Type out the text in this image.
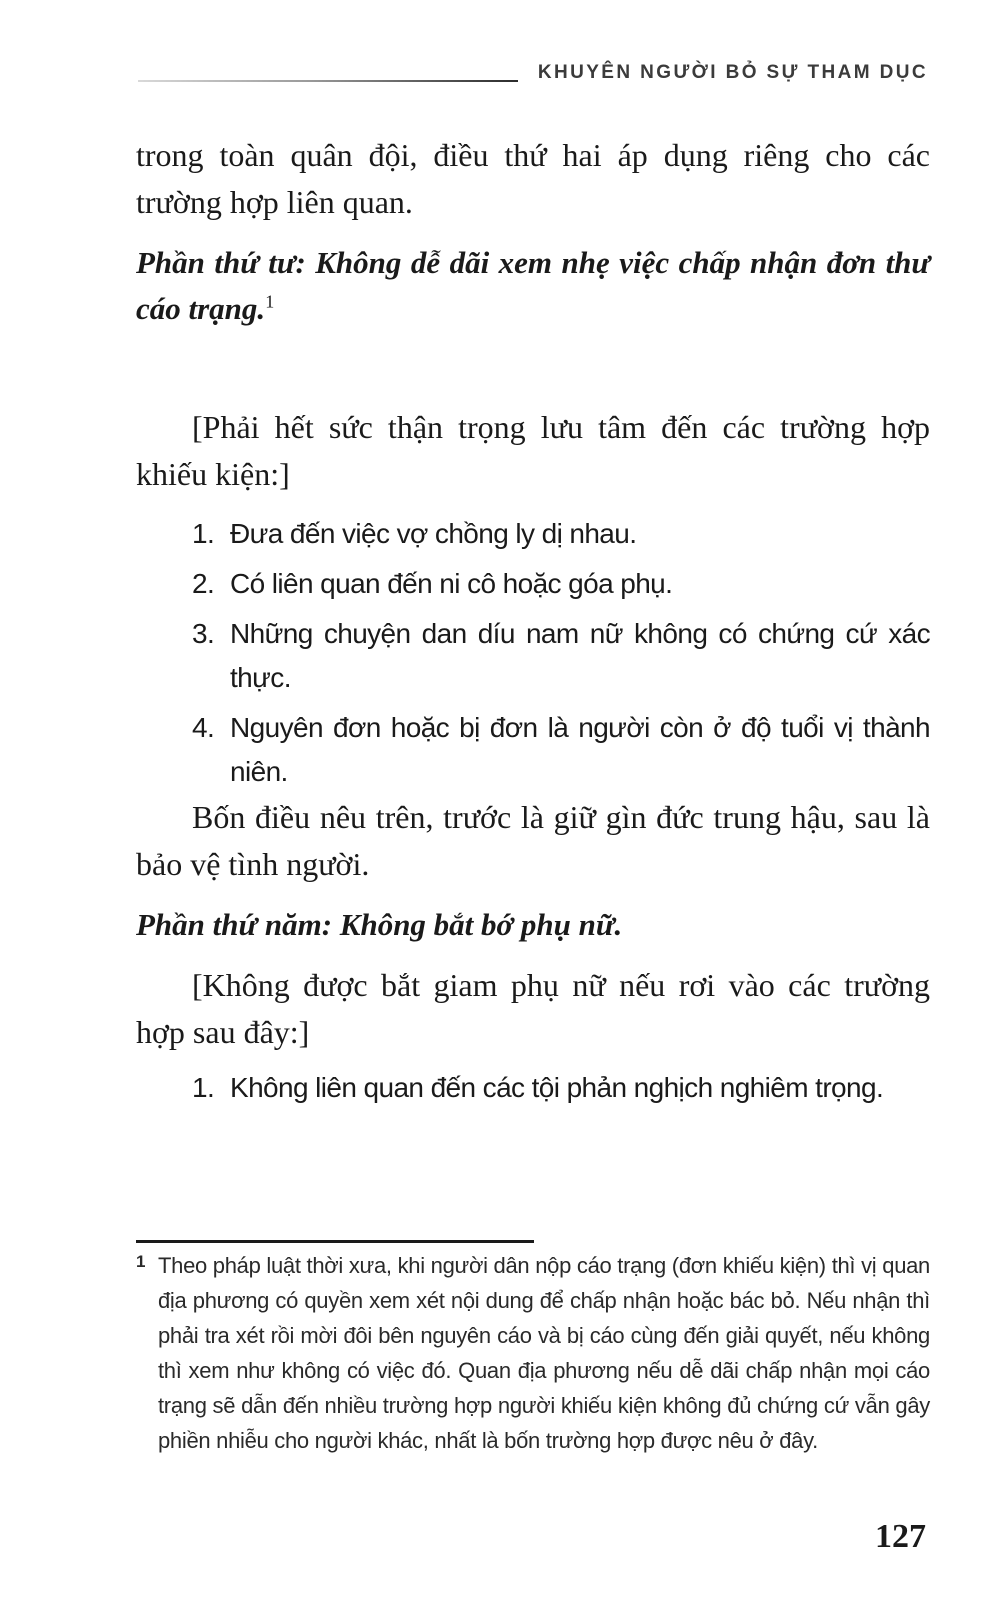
KHUYÊN NGƯỜI BỎ SỰ THAM DỤC

trong toàn quân đội, điều thứ hai áp dụng riêng cho các trường hợp liên quan.

Phần thứ tư: Không dễ dãi xem nhẹ việc chấp nhận đơn thư cáo trạng.$^1$

[Phải hết sức thận trọng lưu tâm đến các trường hợp khiếu kiện:]

1. Đưa đến việc vợ chồng ly dị nhau.
2. Có liên quan đến ni cô hoặc góa phụ.
3. Những chuyện dan díu nam nữ không có chứng cứ xác thực.
4. Nguyên đơn hoặc bị đơn là người còn ở độ tuổi vị thành niên.

Bốn điều nêu trên, trước là giữ gìn đức trung hậu, sau là bảo vệ tình người.

Phần thứ năm: Không bắt bớ phụ nữ.

[Không được bắt giam phụ nữ nếu rơi vào các trường hợp sau đây:]

1. Không liên quan đến các tội phản nghịch nghiêm trọng.
1 Theo pháp luật thời xưa, khi người dân nộp cáo trạng (đơn khiếu kiện) thì vị quan địa phương có quyền xem xét nội dung để chấp nhận hoặc bác bỏ. Nếu nhận thì phải tra xét rồi mời đôi bên nguyên cáo và bị cáo cùng đến giải quyết, nếu không thì xem như không có việc đó. Quan địa phương nếu dễ dãi chấp nhận mọi cáo trạng sẽ dẫn đến nhiều trường hợp người khiếu kiện không đủ chứng cứ vẫn gây phiền nhiễu cho người khác, nhất là bốn trường hợp được nêu ở đây.
127
